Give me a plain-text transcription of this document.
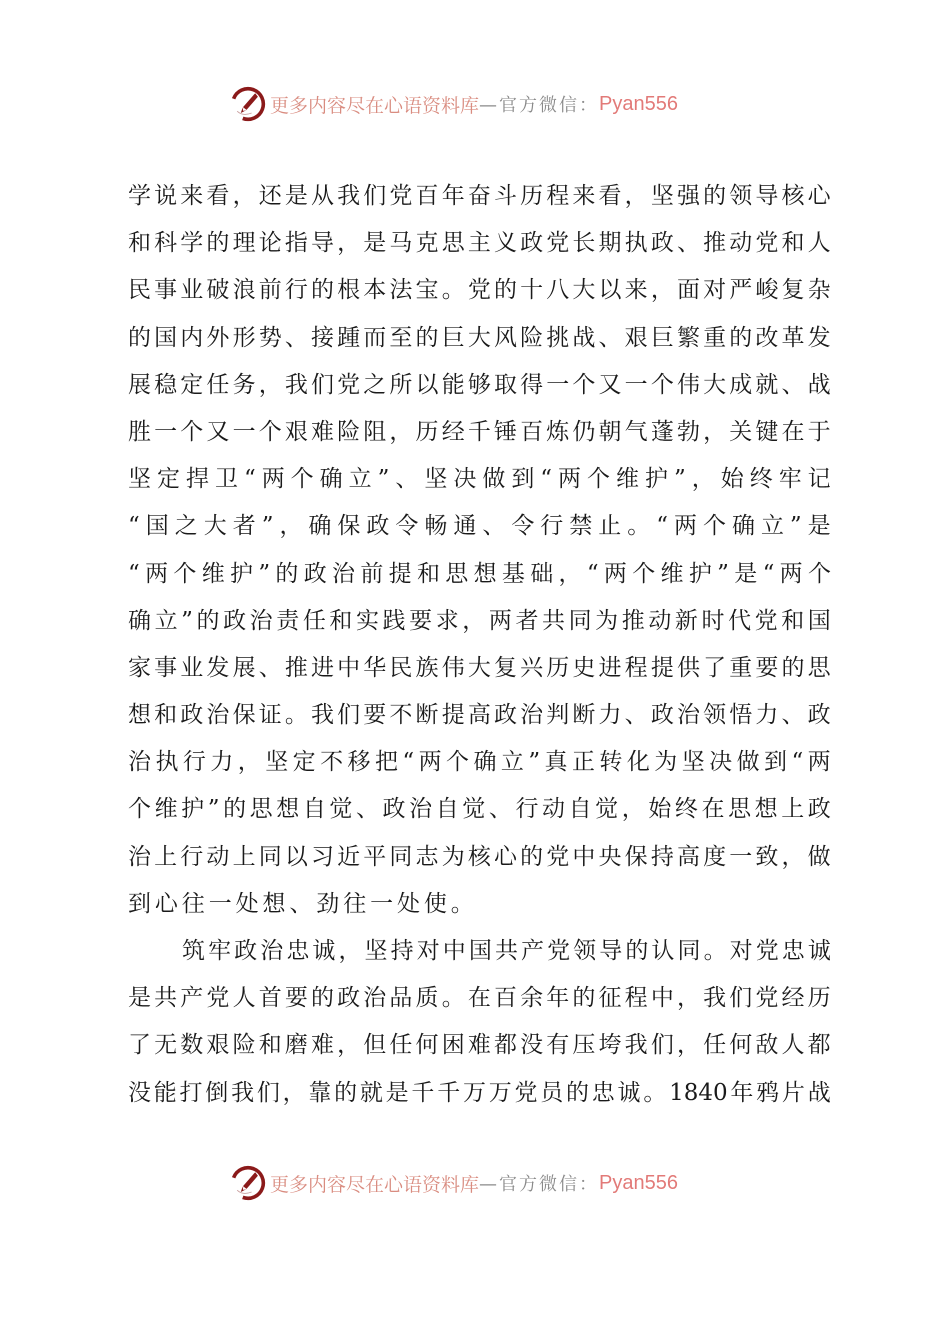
更多内容尽在心语资料库 —官方微信： Pyan556
学 说 来 看 ， 还 是 从 我 们 党 百 年 奋 斗 历 程 来 看 ， 坚 强 的 领 导 核 心
和 科 学 的 理 论 指 导 ， 是 马 克 思 主 义 政 党 长 期 执 政 、 推 动 党 和 人
民 事 业 破 浪 前 行 的 根 本 法 宝 。 党 的 十 八 大 以 来 ， 面 对 严 峻 复 杂
的 国 内 外 形 势 、 接 踵 而 至 的 巨 大 风 险 挑 战 、 艰 巨 繁 重 的 改 革 发
展 稳 定 任 务 ， 我 们 党 之 所 以 能 够 取 得 一 个 又 一 个 伟 大 成 就 、 战
胜 一 个 又 一 个 艰 难 险 阻 ， 历 经 千 锤 百 炼 仍 朝 气 蓬 勃 ， 关 键 在 于
坚 定 捍 卫 “ 两 个 确 立 ” 、 坚 决 做 到 “ 两 个 维 护 ” ， 始 终 牢 记
“ 国 之 大 者 ” ， 确 保 政 令 畅 通 、 令 行 禁 止 。 “ 两 个 确 立 ” 是
“ 两 个 维 护 ” 的 政 治 前 提 和 思 想 基 础 ， “ 两 个 维 护 ” 是 “ 两 个
确 立 ” 的 政 治 责 任 和 实 践 要 求 ， 两 者 共 同 为 推 动 新 时 代 党 和 国
家 事 业 发 展 、 推 进 中 华 民 族 伟 大 复 兴 历 史 进 程 提 供 了 重 要 的 思
想 和 政 治 保 证 。 我 们 要 不 断 提 高 政 治 判 断 力 、 政 治 领 悟 力 、 政
治 执 行 力 ， 坚 定 不 移 把 “ 两 个 确 立 ” 真 正 转 化 为 坚 决 做 到 “ 两
个 维 护 ” 的 思 想 自 觉 、 政 治 自 觉 、 行 动 自 觉 ， 始 终 在 思 想 上 政
治 上 行 动 上 同 以 习 近 平 同 志 为 核 心 的 党 中 央 保 持 高 度 一 致 ， 做
到心往一处想、劲往一处使。
筑 牢 政 治 忠 诚 ， 坚 持 对 中 国 共 产 党 领 导 的 认 同 。 对 党 忠 诚
是 共 产 党 人 首 要 的 政 治 品 质 。 在 百 余 年 的 征 程 中 ， 我 们 党 经 历
了 无 数 艰 险 和 磨 难 ， 但 任 何 困 难 都 没 有 压 垮 我 们 ， 任 何 敌 人 都
没 能 打 倒 我 们 ， 靠 的 就 是 千 千 万 万 党 员 的 忠 诚 。 1840 年 鸦 片 战
更多内容尽在心语资料库 —官方微信： Pyan556
